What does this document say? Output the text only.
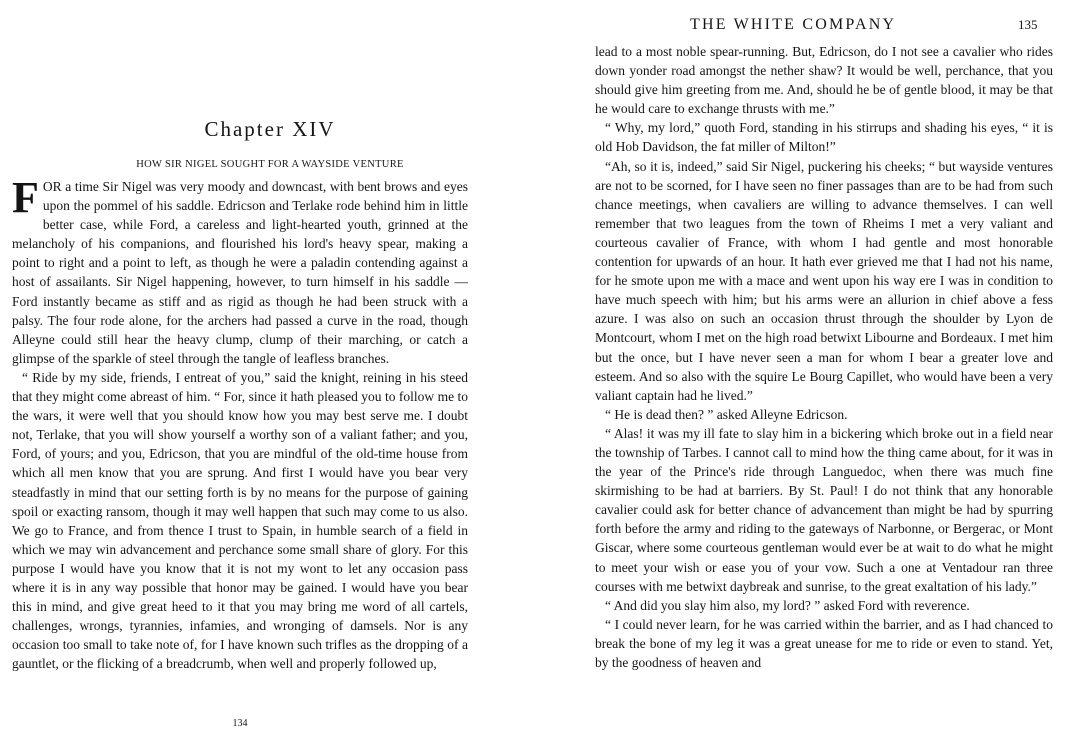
Chapter XIV
HOW SIR NIGEL SOUGHT FOR A WAYSIDE VENTURE

FOR a time Sir Nigel was very moody and downcast, with bent brows and eyes upon the pommel of his saddle. Edricson and Terlake rode behind him in little better case, while Ford, a careless and light-hearted youth, grinned at the melancholy of his companions, and flourished his lord's heavy spear, making a point to right and a point to left, as though he were a paladin contending against a host of assailants. Sir Nigel happening, however, to turn himself in his saddle — Ford instantly became as stiff and as rigid as though he had been struck with a palsy. The four rode alone, for the archers had passed a curve in the road, though Alleyne could still hear the heavy clump, clump of their marching, or catch a glimpse of the sparkle of steel through the tangle of leafless branches.

“ Ride by my side, friends, I entreat of you,” said the knight, reining in his steed that they might come abreast of him. “ For, since it hath pleased you to follow me to the wars, it were well that you should know how you may best serve me. I doubt not, Terlake, that you will show yourself a worthy son of a valiant father; and you, Ford, of yours; and you, Edricson, that you are mindful of the old-time house from which all men know that you are sprung. And first I would have you bear very steadfastly in mind that our setting forth is by no means for the purpose of gaining spoil or exacting ransom, though it may well happen that such may come to us also. We go to France, and from thence I trust to Spain, in humble search of a field in which we may win advancement and perchance some small share of glory. For this purpose I would have you know that it is not my wont to let any occasion pass where it is in any way possible that honor may be gained. I would have you bear this in mind, and give great heed to it that you may bring me word of all cartels, challenges, wrongs, tyrannies, infamies, and wronging of damsels. Nor is any occasion too small to take note of, for I have known such trifles as the dropping of a gauntlet, or the flicking of a breadcrumb, when well and properly followed up,

134
THE WHITE COMPANY	135

lead to a most noble spear-running. But, Edricson, do I not see a cavalier who rides down yonder road amongst the nether shaw? It would be well, perchance, that you should give him greeting from me. And, should he be of gentle blood, it may be that he would care to exchange thrusts with me.”

“ Why, my lord,” quoth Ford, standing in his stirrups and shading his eyes, “ it is old Hob Davidson, the fat miller of Milton!”

“Ah, so it is, indeed,” said Sir Nigel, puckering his cheeks; “ but wayside ventures are not to be scorned, for I have seen no finer passages than are to be had from such chance meetings, when cavaliers are willing to advance themselves. I can well remember that two leagues from the town of Rheims I met a very valiant and courteous cavalier of France, with whom I had gentle and most honorable contention for upwards of an hour. It hath ever grieved me that I had not his name, for he smote upon me with a mace and went upon his way ere I was in condition to have much speech with him; but his arms were an allurion in chief above a fess azure. I was also on such an occasion thrust through the shoulder by Lyon de Montcourt, whom I met on the high road betwixt Libourne and Bordeaux. I met him but the once, but I have never seen a man for whom I bear a greater love and esteem. And so also with the squire Le Bourg Capillet, who would have been a very valiant captain had he lived.”

“ He is dead then? ” asked Alleyne Edricson.

“ Alas! it was my ill fate to slay him in a bickering which broke out in a field near the township of Tarbes. I cannot call to mind how the thing came about, for it was in the year of the Prince's ride through Languedoc, when there was much fine skirmishing to be had at barriers. By St. Paul! I do not think that any honorable cavalier could ask for better chance of advancement than might be had by spurring forth before the army and riding to the gateways of Narbonne, or Bergerac, or Mont Giscar, where some courteous gentleman would ever be at wait to do what he might to meet your wish or ease you of your vow. Such a one at Ventadour ran three courses with me betwixt daybreak and sunrise, to the great exaltation of his lady.”

“ And did you slay him also, my lord? ” asked Ford with reverence.

“ I could never learn, for he was carried within the barrier, and as I had chanced to break the bone of my leg it was a great unease for me to ride or even to stand. Yet, by the goodness of heaven and
